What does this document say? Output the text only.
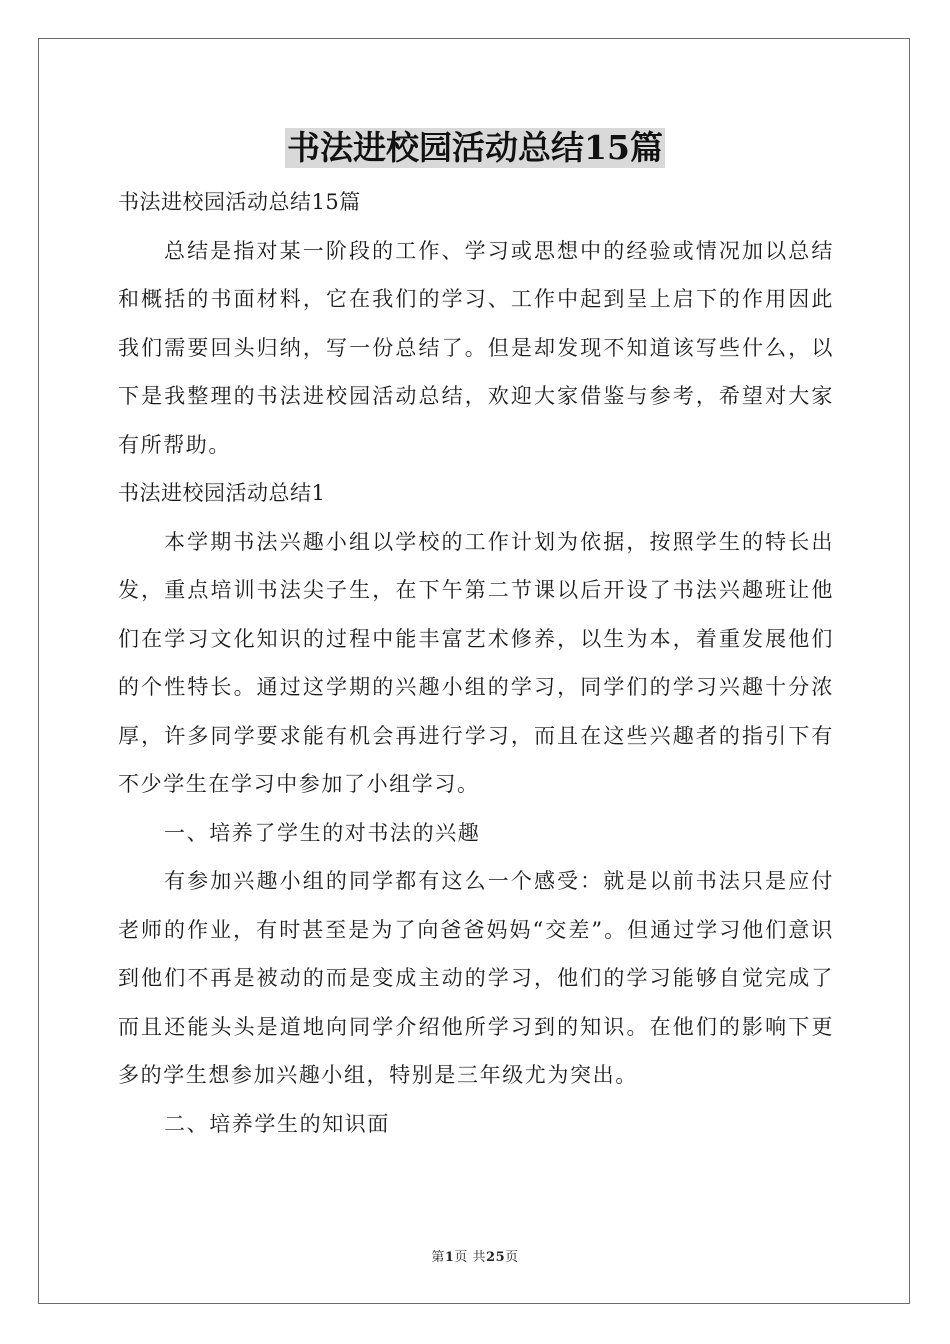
书法进校园活动总结15篇

书法进校园活动总结15篇

总结是指对某一阶段的工作、学习或思想中的经验或情况加以总结和概括的书面材料，它在我们的学习、工作中起到呈上启下的作用因此我们需要回头归纳，写一份总结了。但是却发现不知道该写些什么，以下是我整理的书法进校园活动总结，欢迎大家借鉴与参考，希望对大家有所帮助。

书法进校园活动总结1

本学期书法兴趣小组以学校的工作计划为依据，按照学生的特长出发，重点培训书法尖子生，在下午第二节课以后开设了书法兴趣班让他们在学习文化知识的过程中能丰富艺术修养，以生为本，着重发展他们的个性特长。通过这学期的兴趣小组的学习，同学们的学习兴趣十分浓厚，许多同学要求能有机会再进行学习，而且在这些兴趣者的指引下有不少学生在学习中参加了小组学习。

一、培养了学生的对书法的兴趣

有参加兴趣小组的同学都有这么一个感受：就是以前书法只是应付老师的作业，有时甚至是为了向爸爸妈妈“交差”。但通过学习他们意识到他们不再是被动的而是变成主动的学习，他们的学习能够自觉完成了而且还能头头是道地向同学介绍他所学习到的知识。在他们的影响下更多的学生想参加兴趣小组，特别是三年级尤为突出。

二、培养学生的知识面

第1页 共25页
